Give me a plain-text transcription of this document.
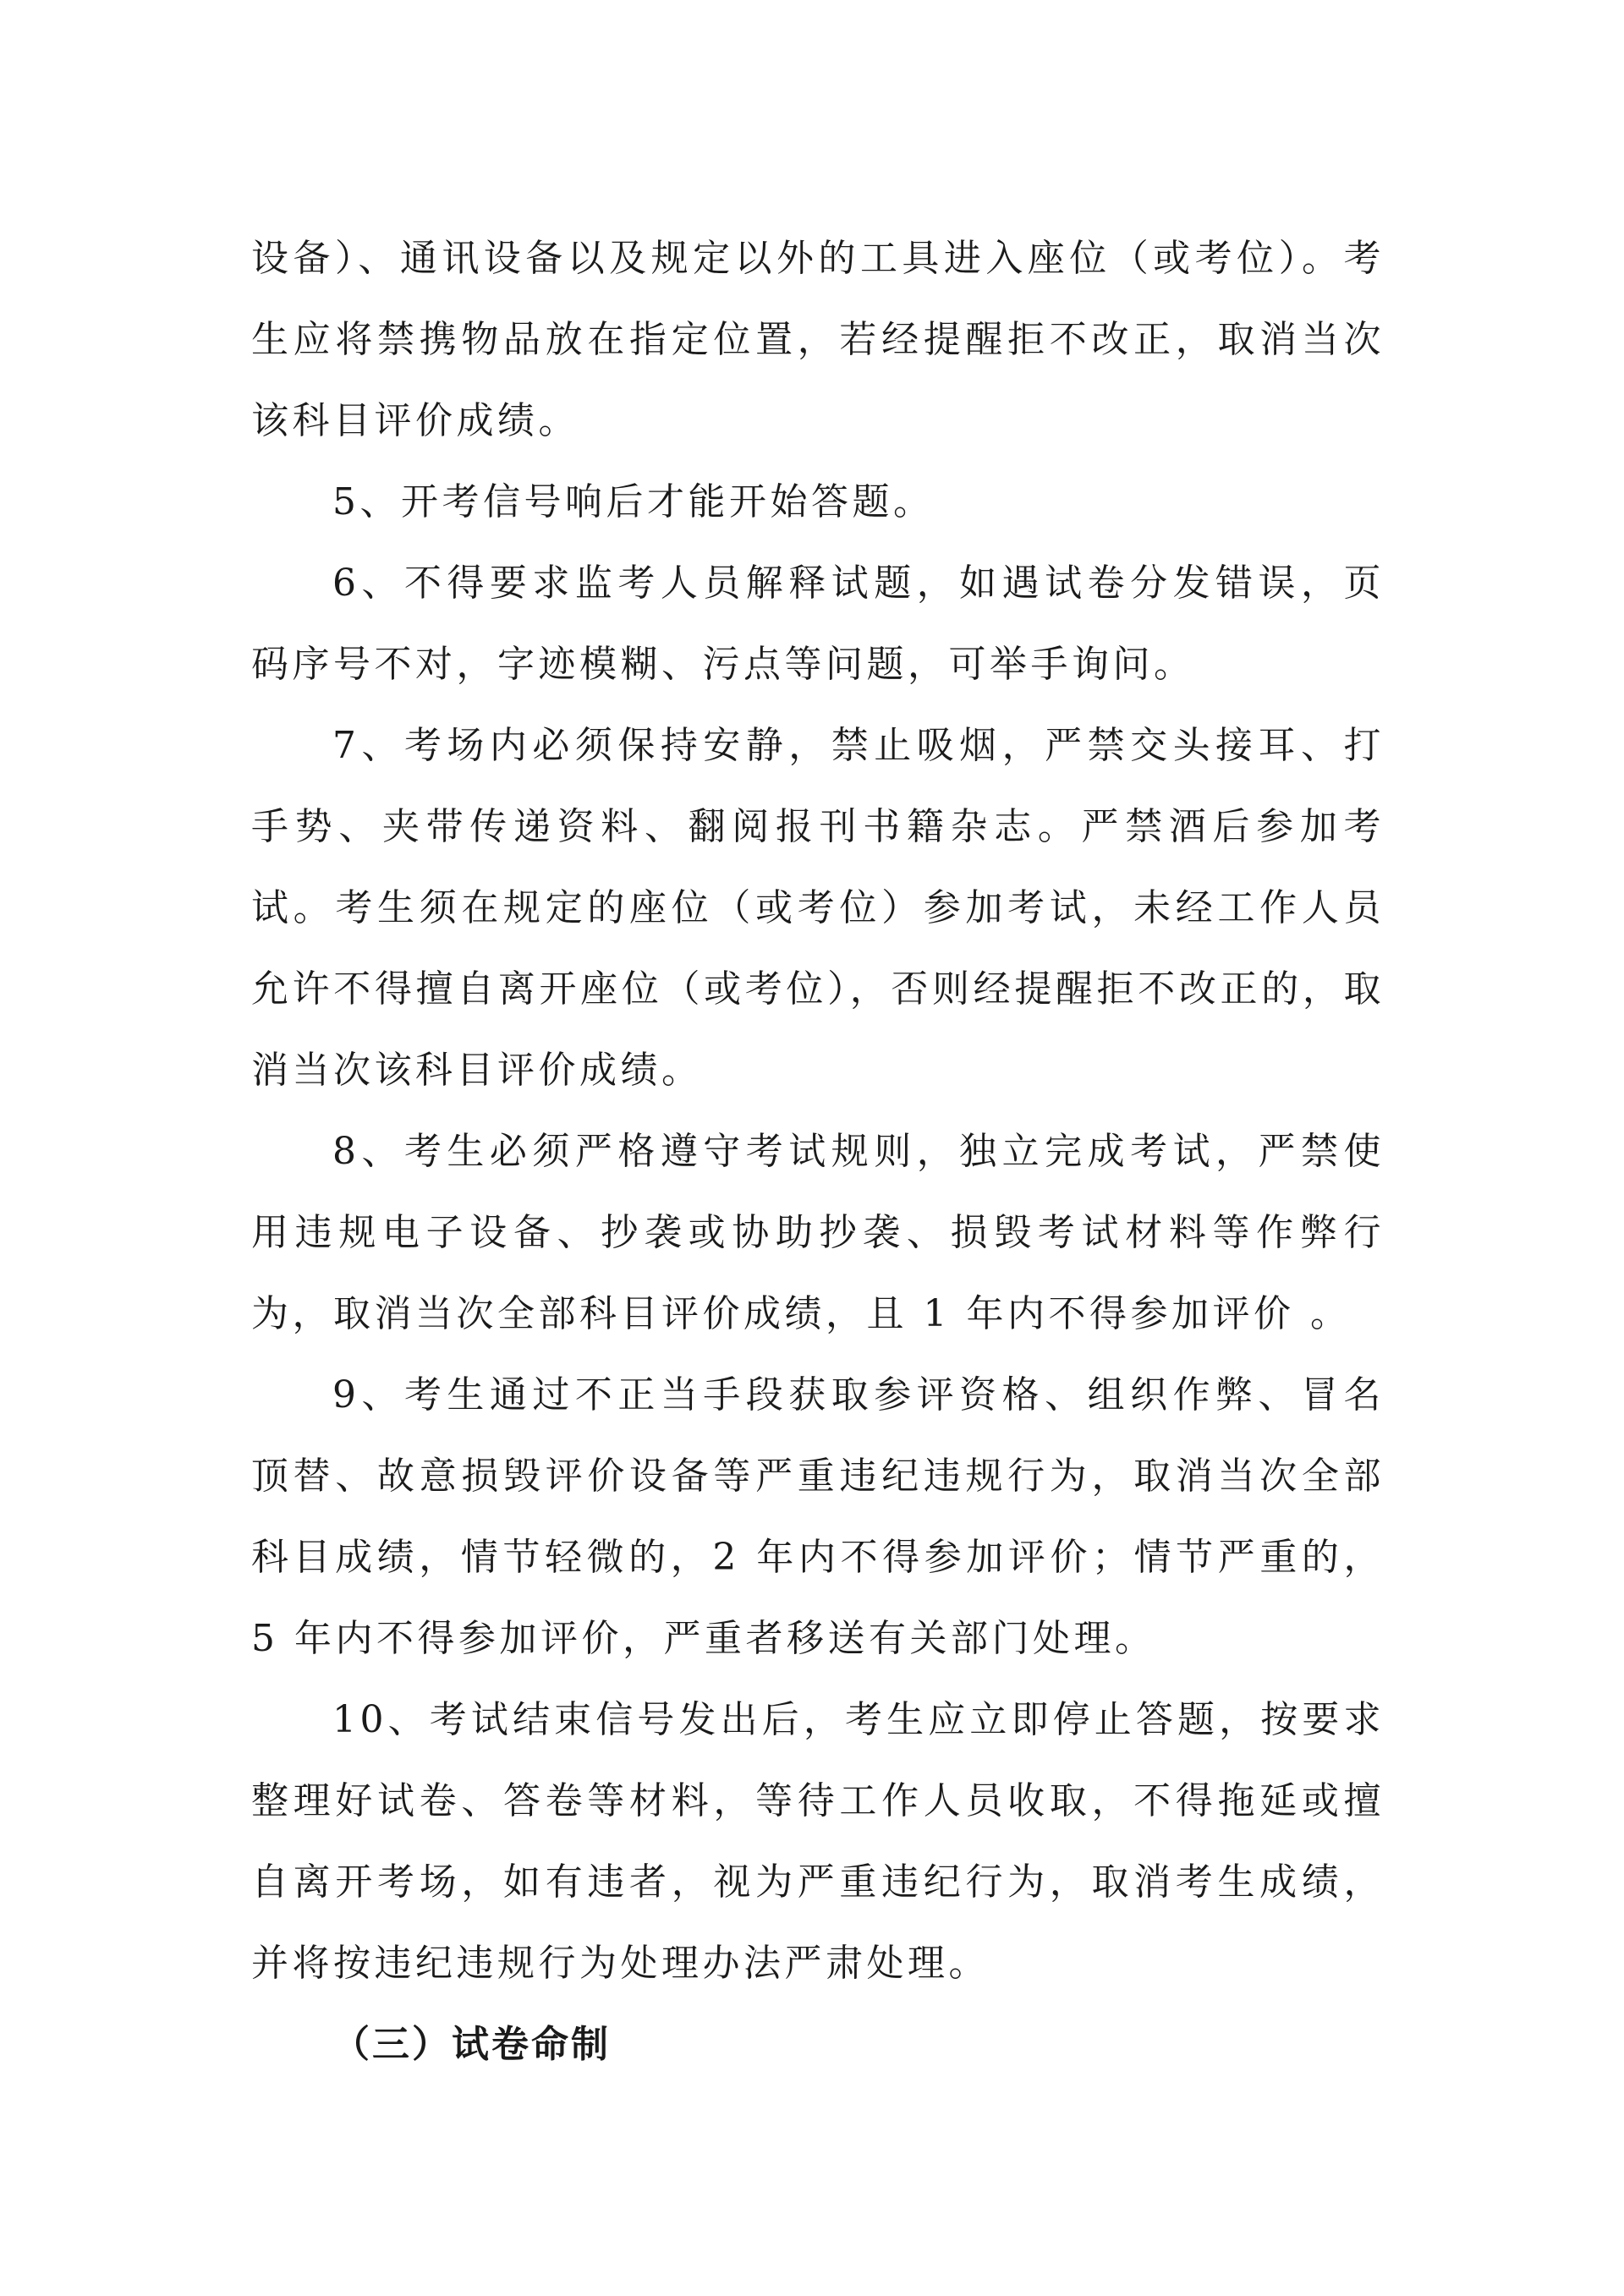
设备）、通讯设备以及规定以外的工具进入座位（或考位）。考生应将禁携物品放在指定位置，若经提醒拒不改正，取消当次该科目评价成绩。

5、开考信号响后才能开始答题。

6、不得要求监考人员解释试题，如遇试卷分发错误，页码序号不对，字迹模糊、污点等问题，可举手询问。

7、考场内必须保持安静，禁止吸烟，严禁交头接耳、打手势、夹带传递资料、翻阅报刊书籍杂志。严禁酒后参加考试。考生须在规定的座位（或考位）参加考试，未经工作人员允许不得擅自离开座位（或考位），否则经提醒拒不改正的，取消当次该科目评价成绩。

8、考生必须严格遵守考试规则，独立完成考试，严禁使用违规电子设备、抄袭或协助抄袭、损毁考试材料等作弊行为，取消当次全部科目评价成绩，且 1 年内不得参加评价 。

9、考生通过不正当手段获取参评资格、组织作弊、冒名顶替、故意损毁评价设备等严重违纪违规行为，取消当次全部科目成绩，情节轻微的，2 年内不得参加评价；情节严重的，5 年内不得参加评价，严重者移送有关部门处理。

10、考试结束信号发出后，考生应立即停止答题，按要求整理好试卷、答卷等材料，等待工作人员收取，不得拖延或擅自离开考场，如有违者，视为严重违纪行为，取消考生成绩，并将按违纪违规行为处理办法严肃处理。

（三）试卷命制
